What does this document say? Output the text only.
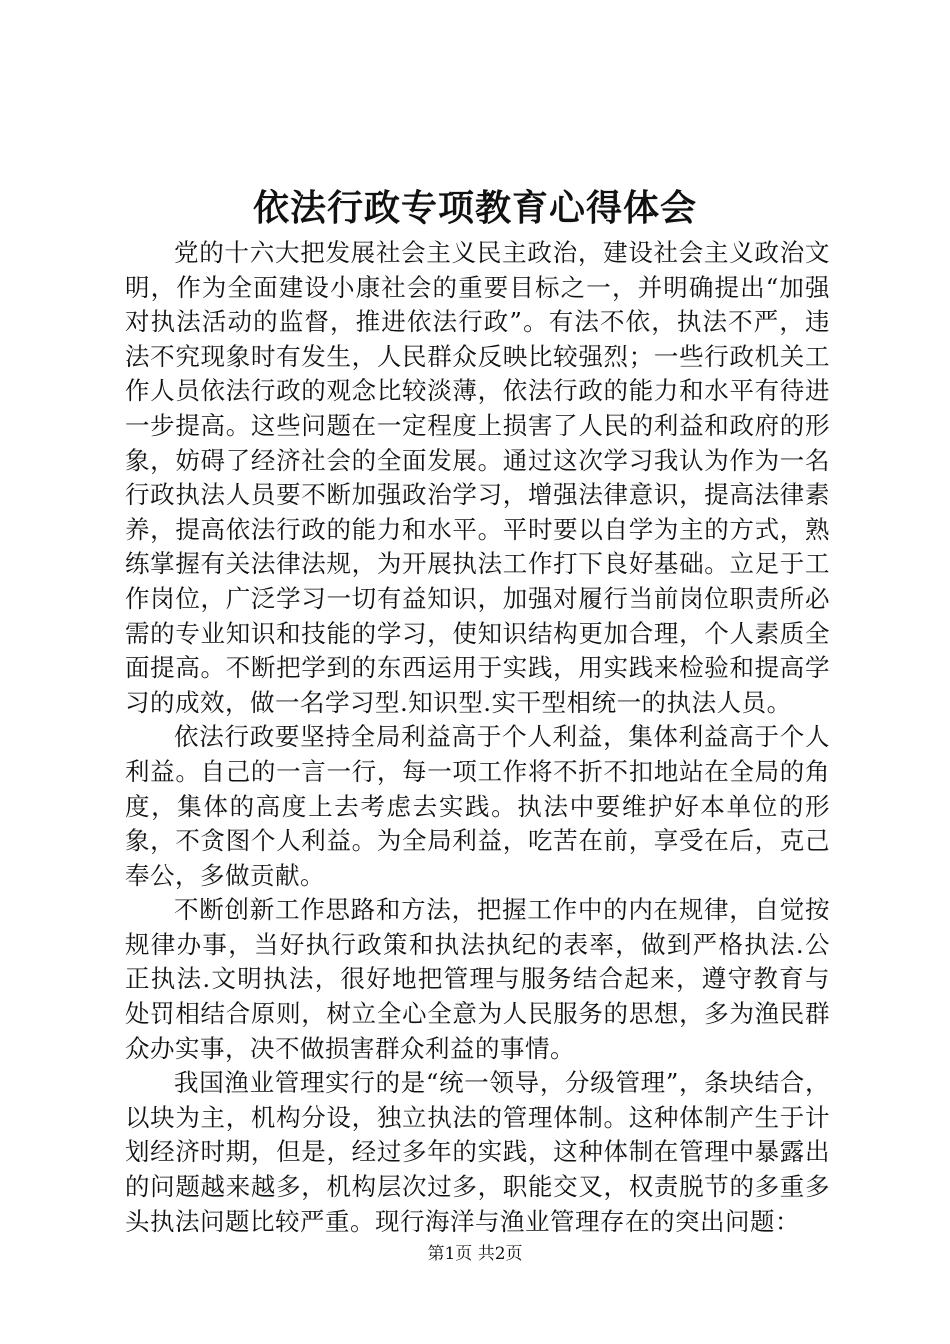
依法行政专项教育心得体会

党的十六大把发展社会主义民主政治，建设社会主义政治文明，作为全面建设小康社会的重要目标之一，并明确提出“加强对执法活动的监督，推进依法行政”。有法不依，执法不严，违法不究现象时有发生，人民群众反映比较强烈；一些行政机关工作人员依法行政的观念比较淡薄，依法行政的能力和水平有待进一步提高。这些问题在一定程度上损害了人民的利益和政府的形象，妨碍了经济社会的全面发展。通过这次学习我认为作为一名行政执法人员要不断加强政治学习，增强法律意识，提高法律素养，提高依法行政的能力和水平。平时要以自学为主的方式，熟练掌握有关法律法规，为开展执法工作打下良好基础。立足于工作岗位，广泛学习一切有益知识，加强对履行当前岗位职责所必需的专业知识和技能的学习，使知识结构更加合理，个人素质全面提高。不断把学到的东西运用于实践，用实践来检验和提高学习的成效，做一名学习型.知识型.实干型相统一的执法人员。

依法行政要坚持全局利益高于个人利益，集体利益高于个人利益。自己的一言一行，每一项工作将不折不扣地站在全局的角度，集体的高度上去考虑去实践。执法中要维护好本单位的形象，不贪图个人利益。为全局利益，吃苦在前，享受在后，克己奉公，多做贡献。

不断创新工作思路和方法，把握工作中的内在规律，自觉按规律办事，当好执行政策和执法执纪的表率，做到严格执法.公正执法.文明执法，很好地把管理与服务结合起来，遵守教育与处罚相结合原则，树立全心全意为人民服务的思想，多为渔民群众办实事，决不做损害群众利益的事情。

我国渔业管理实行的是“统一领导，分级管理”，条块结合，以块为主，机构分设，独立执法的管理体制。这种体制产生于计划经济时期，但是，经过多年的实践，这种体制在管理中暴露出的问题越来越多，机构层次过多，职能交叉，权责脱节的多重多头执法问题比较严重。现行海洋与渔业管理存在的突出问题：

第1页 共2页
